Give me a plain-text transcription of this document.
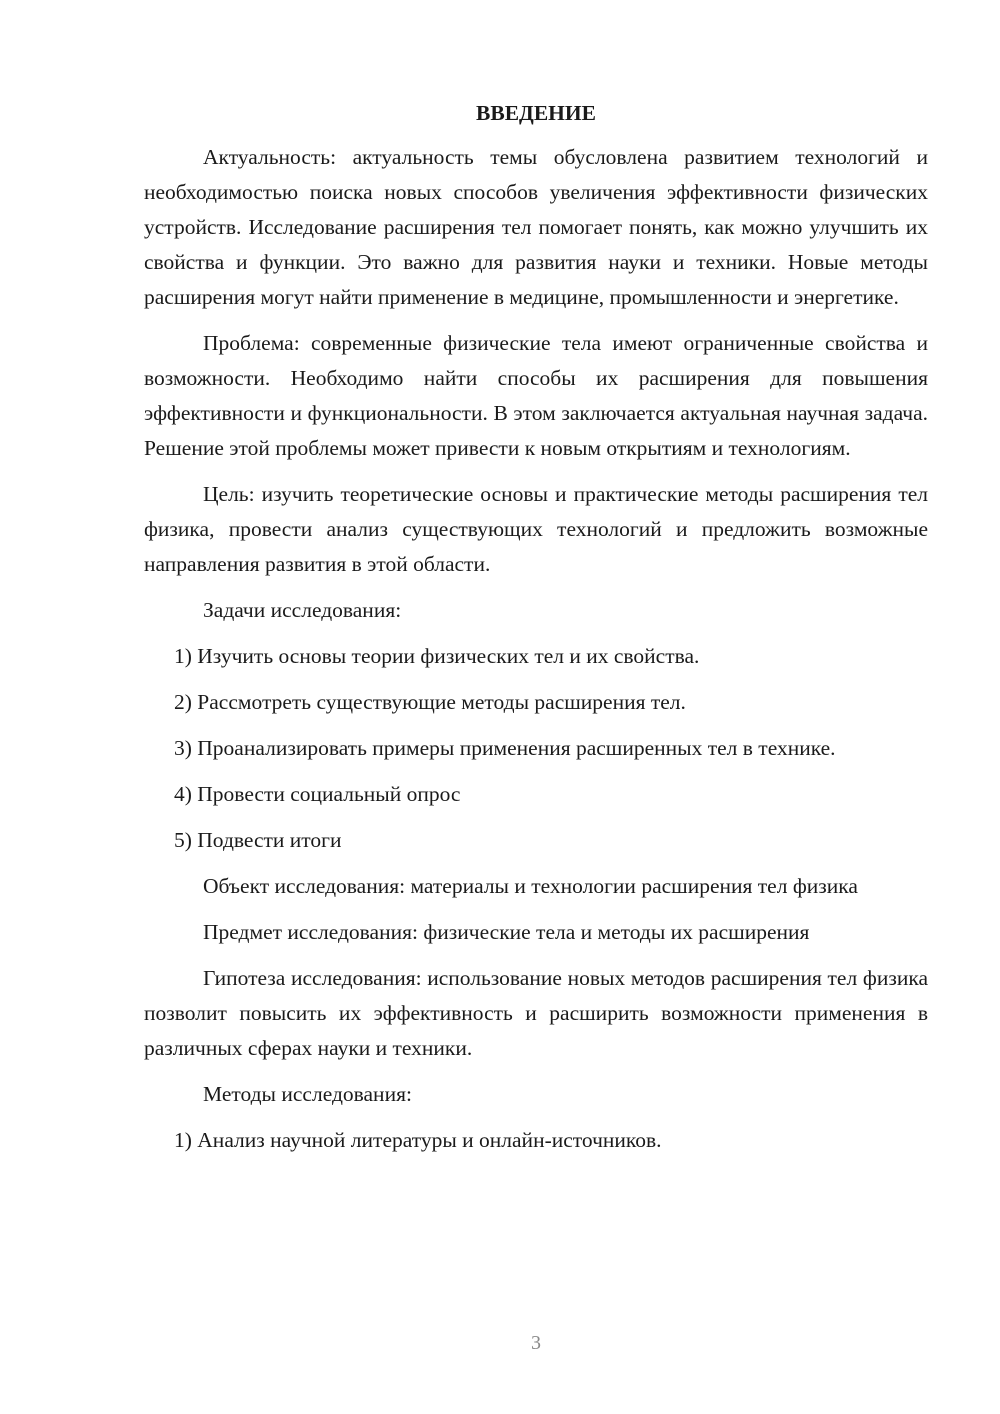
ВВЕДЕНИЕ

Актуальность: актуальность темы обусловлена развитием технологий и необходимостью поиска новых способов увеличения эффективности физических устройств. Исследование расширения тел помогает понять, как можно улучшить их свойства и функции. Это важно для развития науки и техники. Новые методы расширения могут найти применение в медицине, промышленности и энергетике.

Проблема: современные физические тела имеют ограниченные свойства и возможности. Необходимо найти способы их расширения для повышения эффективности и функциональности. В этом заключается актуальная научная задача. Решение этой проблемы может привести к новым открытиям и технологиям.

Цель: изучить теоретические основы и практические методы расширения тел физика, провести анализ существующих технологий и предложить возможные направления развития в этой области.

Задачи исследования:

1) Изучить основы теории физических тел и их свойства.

2) Рассмотреть существующие методы расширения тел.

3) Проанализировать примеры применения расширенных тел в технике.

4) Провести социальный опрос

5) Подвести итоги

Объект исследования: материалы и технологии расширения тел физика

Предмет исследования: физические тела и методы их расширения

Гипотеза исследования: использование новых методов расширения тел физика позволит повысить их эффективность и расширить возможности применения в различных сферах науки и техники.

Методы исследования:

1) Анализ научной литературы и онлайн-источников.

3
